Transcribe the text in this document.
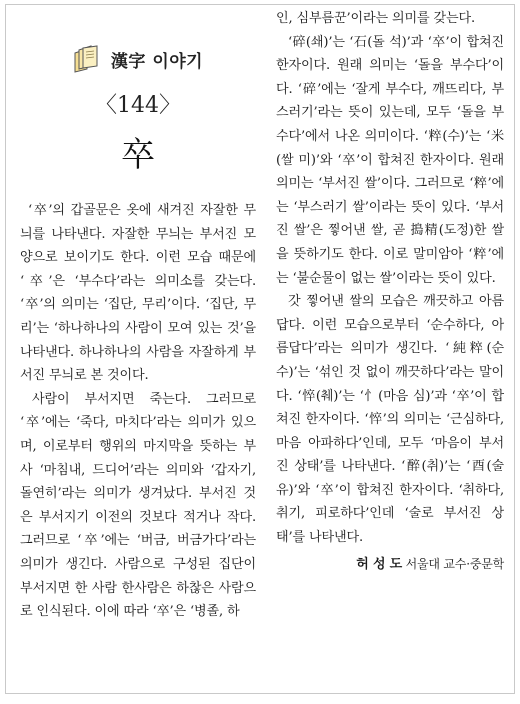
漢字 이야기
〈144〉
卒

‘卒’의 갑골문은 옷에 새겨진 자잘한 무늬를 나타낸다. 자잘한 무늬는 부서진 모양으로 보이기도 한다. 이런 모습 때문에 ‘卒’은 ‘부수다’라는 의미소를 갖는다. ‘卒’의 의미는 ‘집단, 무리’이다. ‘집단, 무리’는 ‘하나하나의 사람이 모여 있는 것’을 나타낸다. 하나하나의 사람을 자잘하게 부서진 무늬로 본 것이다.

사람이 부서지면 죽는다. 그러므로 ‘卒’에는 ‘죽다, 마치다’라는 의미가 있으며, 이로부터 행위의 마지막을 뜻하는 부사 ‘마침내, 드디어’라는 의미와 ‘갑자기, 돌연히’라는 의미가 생겨났다. 부서진 것은 부서지기 이전의 것보다 적거나 작다. 그러므로 ‘卒’에는 ‘버금, 버금가다’라는 의미가 생긴다. 사람으로 구성된 집단이 부서지면 한 사람 한사람은 하찮은 사람으로 인식된다. 이에 따라 ‘卒’은 ‘병졸, 하

인, 심부름꾼’이라는 의미를 갖는다.

‘碎(쇄)’는 ‘石(돌 석)’과 ‘卒’이 합쳐진 한자이다. 원래 의미는 ‘돌을 부수다’이다. ‘碎’에는 ‘잘게 부수다, 깨뜨리다, 부스러기’라는 뜻이 있는데, 모두 ‘돌을 부수다’에서 나온 의미이다. ‘粹(수)’는 ‘米(쌀 미)’와 ‘卒’이 합쳐진 한자이다. 원래 의미는 ‘부서진 쌀’이다. 그러므로 ‘粹’에는 ‘부스러기 쌀’이라는 뜻이 있다. ‘부서진 쌀’은 찧어낸 쌀, 곧 搗精(도정)한 쌀을 뜻하기도 한다. 이로 말미암아 ‘粹’에는 ‘불순물이 없는 쌀’이라는 뜻이 있다.

갓 찧어낸 쌀의 모습은 깨끗하고 아름답다. 이런 모습으로부터 ‘순수하다, 아름답다’라는 의미가 생긴다. ‘純粹(순수)’는 ‘섞인 것 없이 깨끗하다’라는 말이다. ‘悴(췌)’는 ‘忄(마음 심)’과 ‘卒’이 합쳐진 한자이다. ‘悴’의 의미는 ‘근심하다, 마음 아파하다’인데, 모두 ‘마음이 부서진 상태’를 나타낸다. ‘醉(취)’는 ‘酉(술 유)’와 ‘卒’이 합쳐진 한자이다. ‘취하다, 취기, 피로하다’인데 ‘술로 부서진 상태’를 나타낸다.

허 성 도 서울대 교수·중문학
